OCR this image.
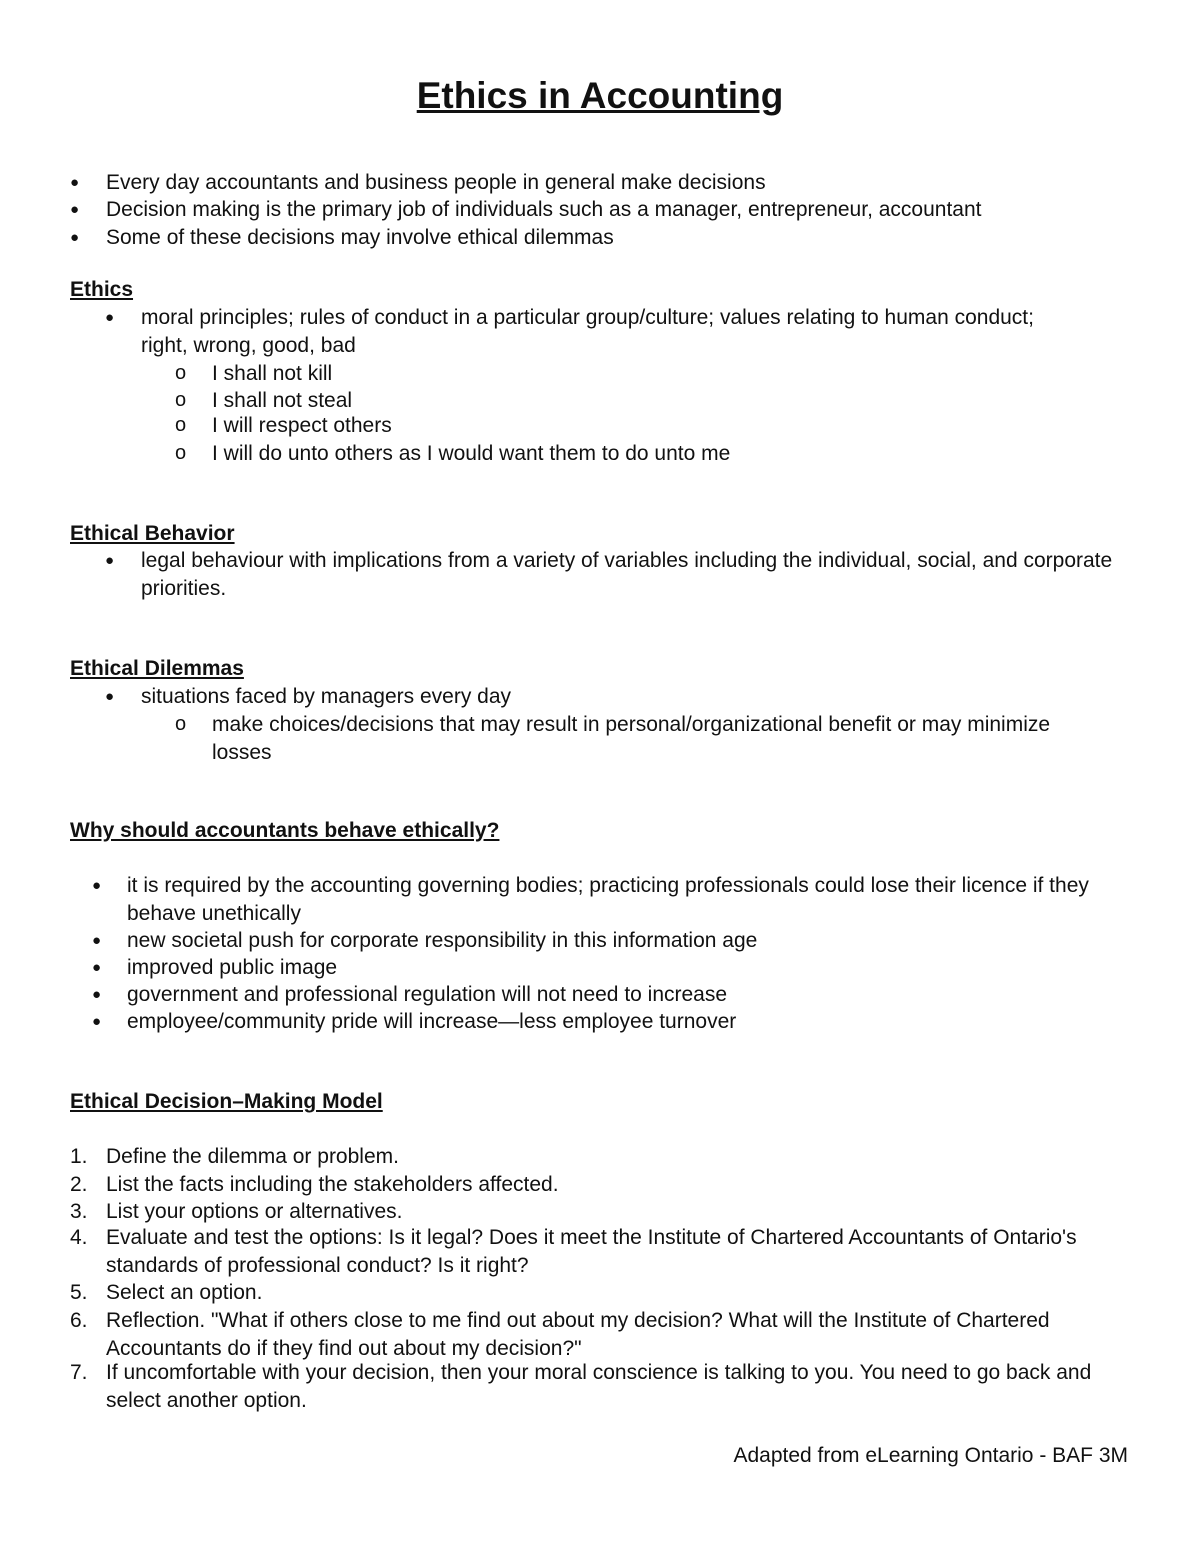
Ethics in Accounting
●	Every day accountants and business people in general make decisions
●	Decision making is the primary job of individuals such as a manager, entrepreneur, accountant
●	Some of these decisions may involve ethical dilemmas
Ethics
●	moral principles; rules of conduct in a particular group/culture; values relating to human conduct; right, wrong, good, bad
o	I shall not kill
o	I shall not steal
o	I will respect others
o	I will do unto others as I would want them to do unto me
Ethical Behavior
●	legal behaviour with implications from a variety of variables including the individual, social, and corporate priorities.
Ethical Dilemmas
●	situations faced by managers every day
o	make choices/decisions that may result in personal/organizational benefit or may minimize losses
Why should accountants behave ethically?
●	it is required by the accounting governing bodies; practicing professionals could lose their licence if they behave unethically
●	new societal push for corporate responsibility in this information age
●	improved public image
●	government and professional regulation will not need to increase
●	employee/community pride will increase—less employee turnover
Ethical Decision–Making Model
1. Define the dilemma or problem.
2. List the facts including the stakeholders affected.
3. List your options or alternatives.
4. Evaluate and test the options: Is it legal? Does it meet the Institute of Chartered Accountants of Ontario's standards of professional conduct? Is it right?
5. Select an option.
6. Reflection. "What if others close to me find out about my decision? What will the Institute of Chartered Accountants do if they find out about my decision?"
7. If uncomfortable with your decision, then your moral conscience is talking to you. You need to go back and select another option.
Adapted from eLearning Ontario - BAF 3M
